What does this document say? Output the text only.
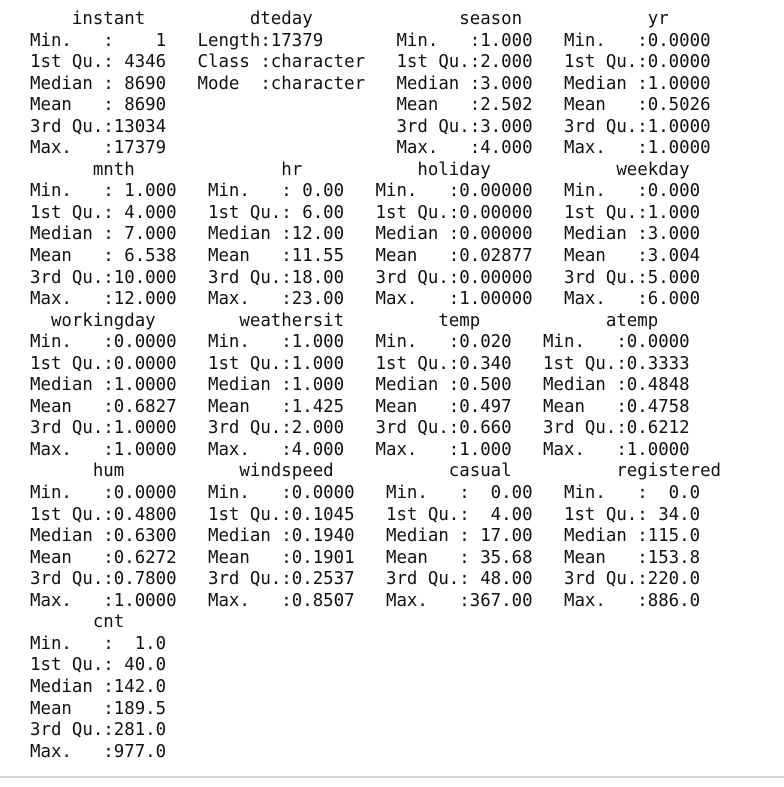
instant          dteday              season            yr
Min.   :    1   Length:17379       Min.   :1.000   Min.   :0.0000
1st Qu.: 4346   Class :character   1st Qu.:2.000   1st Qu.:0.0000
Median : 8690   Mode  :character   Median :3.000   Median :1.0000
Mean   : 8690                      Mean   :2.502   Mean   :0.5026
3rd Qu.:13034                      3rd Qu.:3.000   3rd Qu.:1.0000
Max.   :17379                      Max.   :4.000   Max.   :1.0000
mnth              hr           holiday            weekday
Min.   : 1.000   Min.   : 0.00   Min.   :0.00000   Min.   :0.000
1st Qu.: 4.000   1st Qu.: 6.00   1st Qu.:0.00000   1st Qu.:1.000
Median : 7.000   Median :12.00   Median :0.00000   Median :3.000
Mean   : 6.538   Mean   :11.55   Mean   :0.02877   Mean   :3.004
3rd Qu.:10.000   3rd Qu.:18.00   3rd Qu.:0.00000   3rd Qu.:5.000
Max.   :12.000   Max.   :23.00   Max.   :1.00000   Max.   :6.000
workingday        weathersit         temp            atemp
Min.   :0.0000   Min.   :1.000   Min.   :0.020   Min.   :0.0000
1st Qu.:0.0000   1st Qu.:1.000   1st Qu.:0.340   1st Qu.:0.3333
Median :1.0000   Median :1.000   Median :0.500   Median :0.4848
Mean   :0.6827   Mean   :1.425   Mean   :0.497   Mean   :0.4758
3rd Qu.:1.0000   3rd Qu.:2.000   3rd Qu.:0.660   3rd Qu.:0.6212
Max.   :1.0000   Max.   :4.000   Max.   :1.000   Max.   :1.0000
hum           windspeed           casual          registered
Min.   :0.0000   Min.   :0.0000   Min.   :  0.00   Min.   :  0.0
1st Qu.:0.4800   1st Qu.:0.1045   1st Qu.:  4.00   1st Qu.: 34.0
Median :0.6300   Median :0.1940   Median : 17.00   Median :115.0
Mean   :0.6272   Mean   :0.1901   Mean   : 35.68   Mean   :153.8
3rd Qu.:0.7800   3rd Qu.:0.2537   3rd Qu.: 48.00   3rd Qu.:220.0
Max.   :1.0000   Max.   :0.8507   Max.   :367.00   Max.   :886.0
cnt
Min.   :  1.0
1st Qu.: 40.0
Median :142.0
Mean   :189.5
3rd Qu.:281.0
Max.   :977.0
